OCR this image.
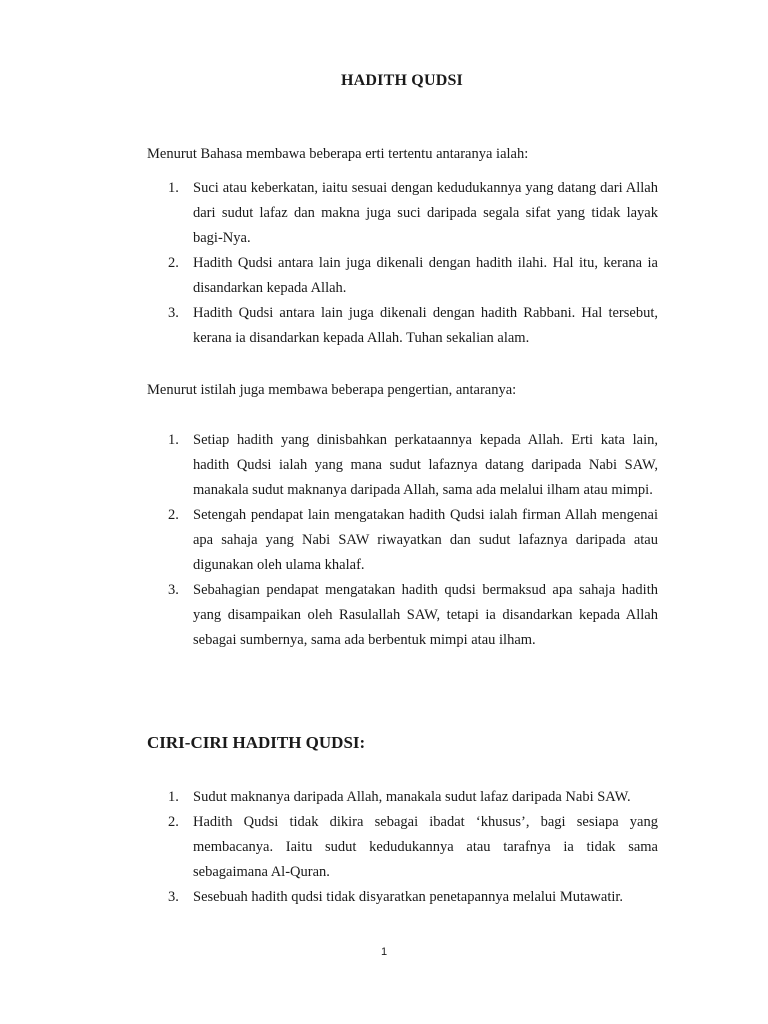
HADITH QUDSI
Menurut Bahasa membawa beberapa erti tertentu antaranya ialah:
1. Suci atau keberkatan, iaitu sesuai dengan kedudukannya yang datang dari Allah dari sudut lafaz dan makna juga suci daripada segala sifat yang tidak layak bagi-Nya.
2. Hadith Qudsi antara lain juga dikenali dengan hadith ilahi. Hal itu, kerana ia disandarkan kepada Allah.
3. Hadith Qudsi antara lain juga dikenali dengan hadith Rabbani. Hal tersebut, kerana ia disandarkan kepada Allah. Tuhan sekalian alam.
Menurut istilah juga membawa beberapa pengertian, antaranya:
1. Setiap hadith yang dinisbahkan perkataannya kepada Allah. Erti kata lain, hadith Qudsi ialah yang mana sudut lafaznya datang daripada Nabi SAW, manakala sudut maknanya daripada Allah, sama ada melalui ilham atau mimpi.
2. Setengah pendapat lain mengatakan hadith Qudsi ialah firman Allah mengenai apa sahaja yang Nabi SAW riwayatkan dan sudut lafaznya daripada atau digunakan oleh ulama khalaf.
3. Sebahagian pendapat mengatakan hadith qudsi bermaksud apa sahaja hadith yang disampaikan oleh Rasulallah SAW, tetapi ia disandarkan kepada Allah sebagai sumbernya, sama ada berbentuk mimpi atau ilham.
CIRI-CIRI HADITH QUDSI:
1. Sudut maknanya daripada Allah, manakala sudut lafaz daripada Nabi SAW.
2. Hadith Qudsi tidak dikira sebagai ibadat ‘khusus’, bagi sesiapa yang membacanya. Iaitu sudut kedudukannya atau tarafnya ia tidak sama sebagaimana Al-Quran.
3. Sesebuah hadith qudsi tidak disyaratkan penetapannya melalui Mutawatir.
1
